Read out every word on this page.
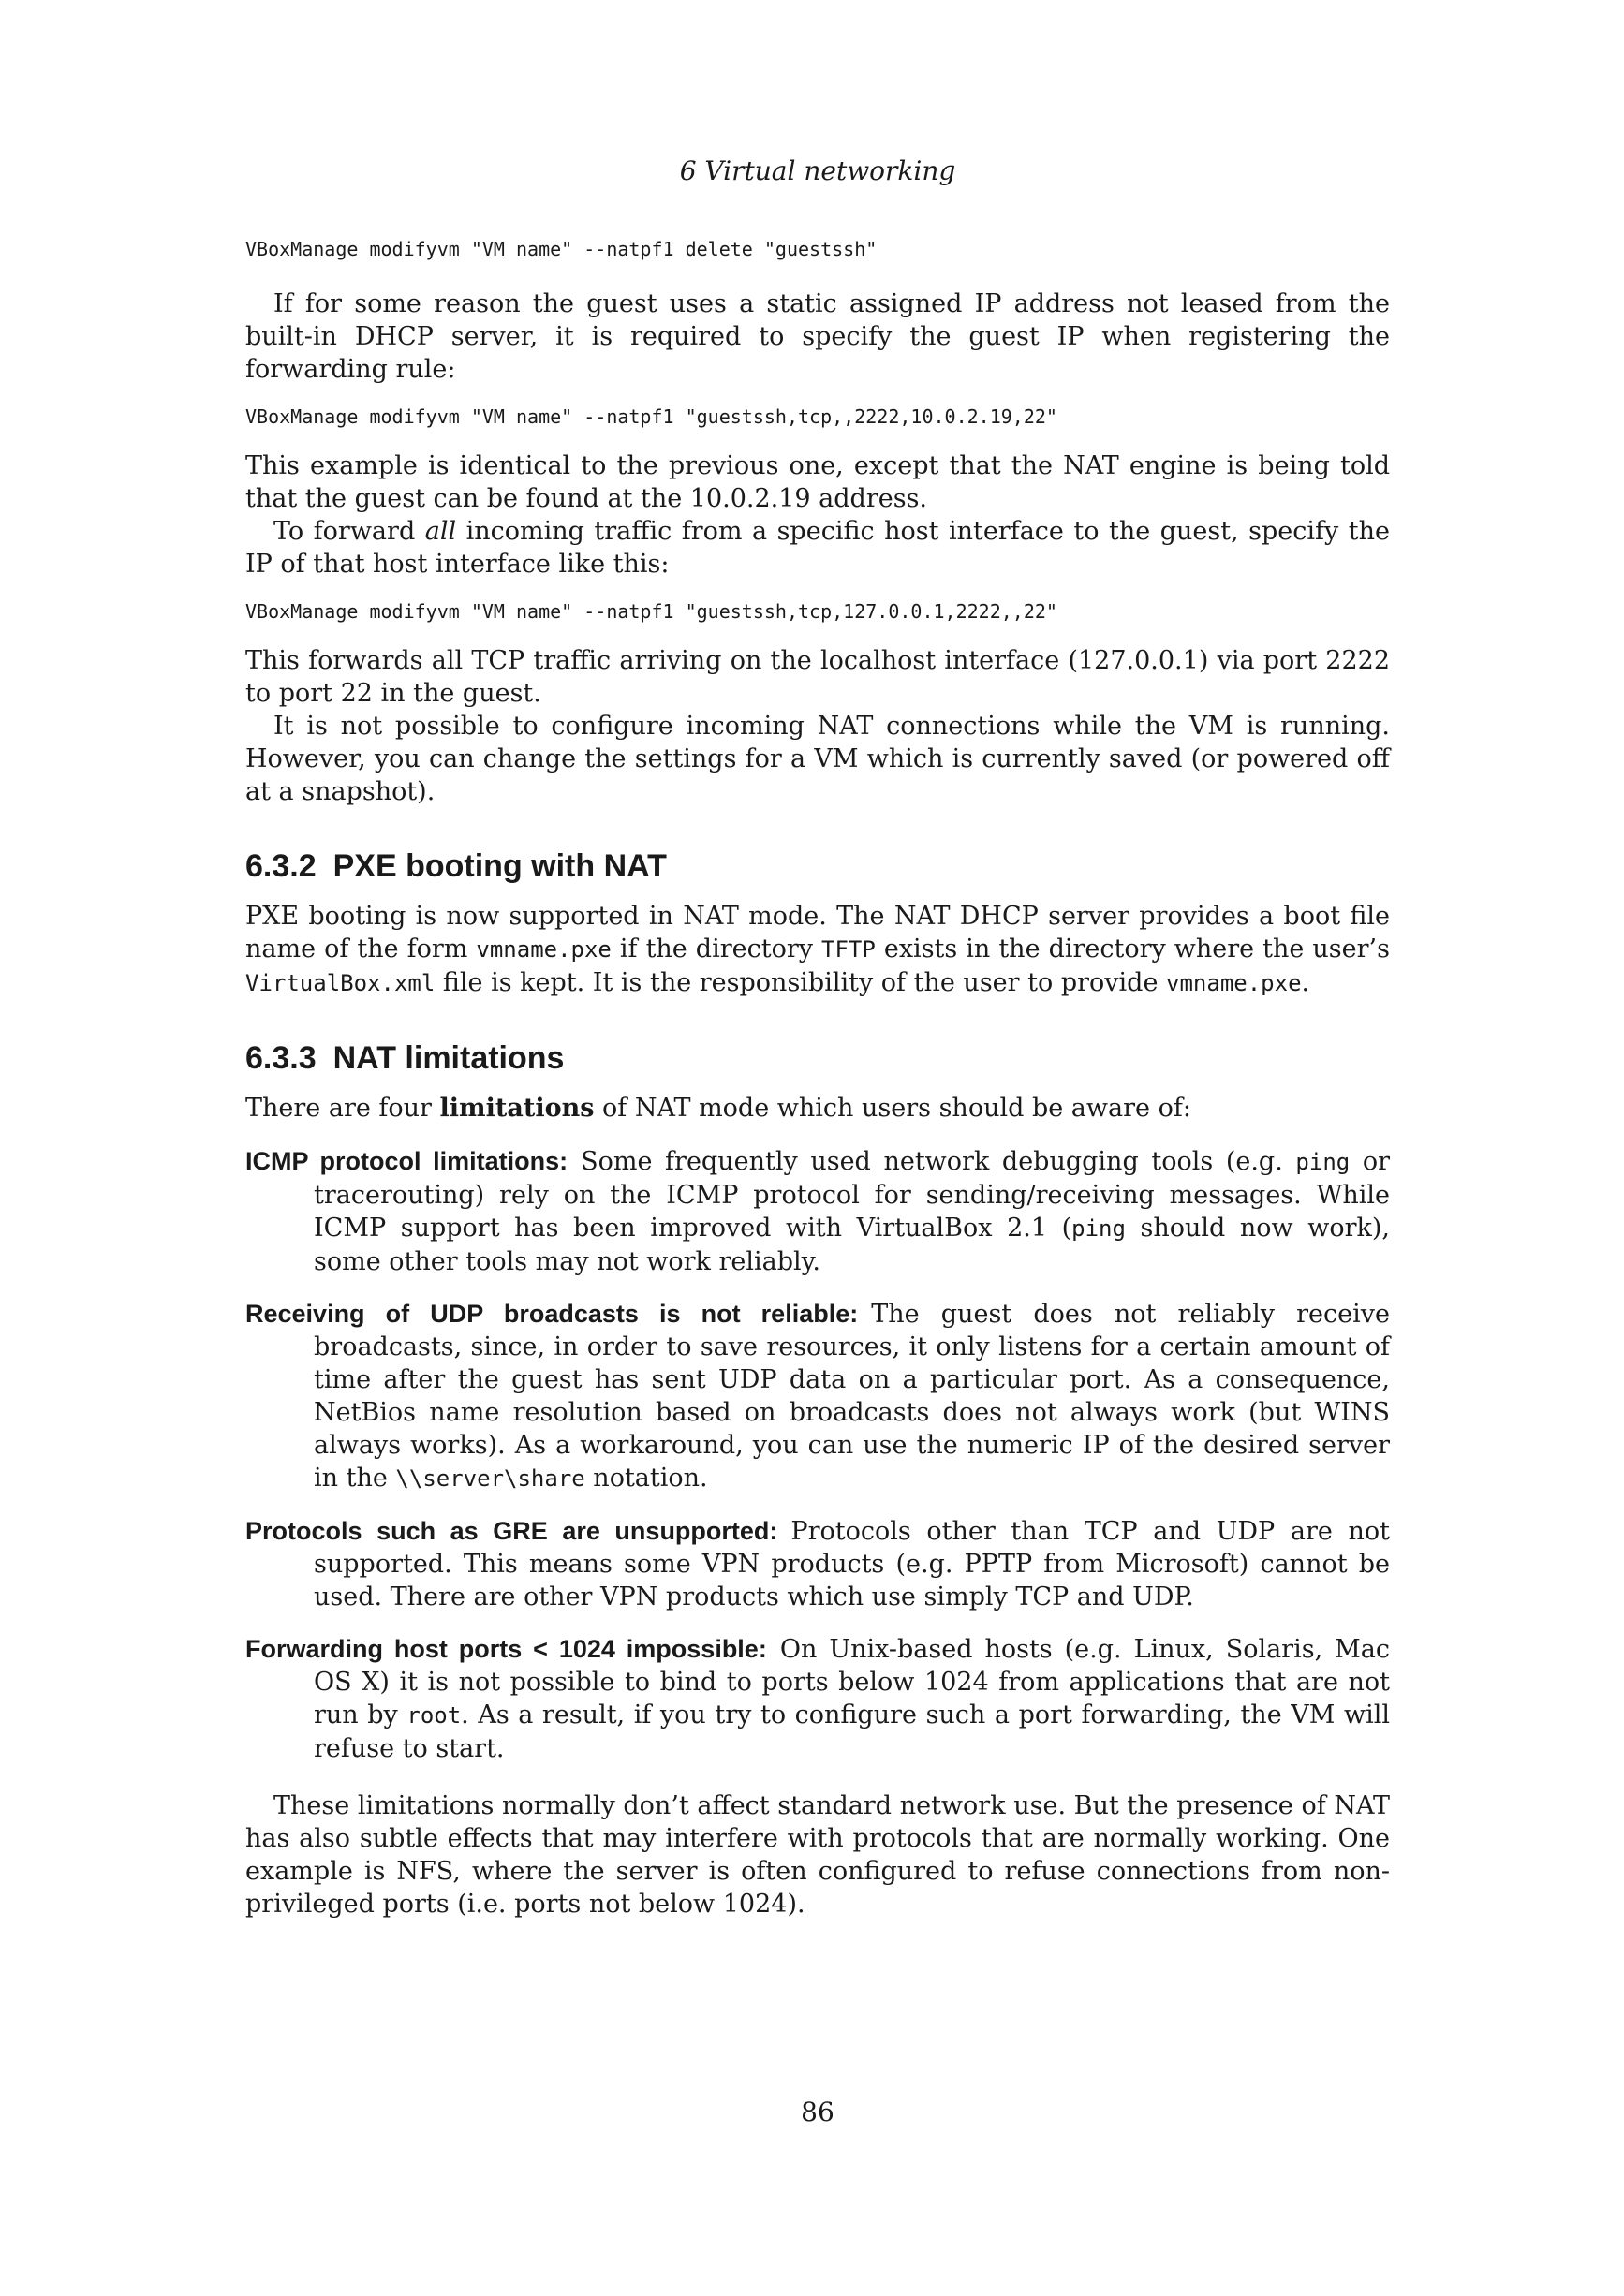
6 Virtual networking
VBoxManage modifyvm "VM name" --natpf1 delete "guestssh"

If for some reason the guest uses a static assigned IP address not leased from the built-in DHCP server, it is required to specify the guest IP when registering the forwarding rule:

VBoxManage modifyvm "VM name" --natpf1 "guestssh,tcp,,2222,10.0.2.19,22"

This example is identical to the previous one, except that the NAT engine is being told that the guest can be found at the 10.0.2.19 address.

To forward all incoming traffic from a specific host interface to the guest, specify the IP of that host interface like this:

VBoxManage modifyvm "VM name" --natpf1 "guestssh,tcp,127.0.0.1,2222,,22"

This forwards all TCP traffic arriving on the localhost interface (127.0.0.1) via port 2222 to port 22 in the guest.

It is not possible to configure incoming NAT connections while the VM is running. However, you can change the settings for a VM which is currently saved (or powered off at a snapshot).

6.3.2 PXE booting with NAT

PXE booting is now supported in NAT mode. The NAT DHCP server provides a boot file name of the form vmname.pxe if the directory TFTP exists in the directory where the user’s VirtualBox.xml file is kept. It is the responsibility of the user to provide vmname.pxe.

6.3.3 NAT limitations

There are four limitations of NAT mode which users should be aware of:

ICMP protocol limitations: Some frequently used network debugging tools (e.g. ping or tracerouting) rely on the ICMP protocol for sending/receiving messages. While ICMP support has been improved with VirtualBox 2.1 (ping should now work), some other tools may not work reliably.

Receiving of UDP broadcasts is not reliable: The guest does not reliably receive broadcasts, since, in order to save resources, it only listens for a certain amount of time after the guest has sent UDP data on a particular port. As a consequence, NetBios name resolution based on broadcasts does not always work (but WINS always works). As a workaround, you can use the numeric IP of the desired server in the \\server\share notation.

Protocols such as GRE are unsupported: Protocols other than TCP and UDP are not supported. This means some VPN products (e.g. PPTP from Microsoft) cannot be used. There are other VPN products which use simply TCP and UDP.

Forwarding host ports < 1024 impossible: On Unix-based hosts (e.g. Linux, Solaris, Mac OS X) it is not possible to bind to ports below 1024 from applications that are not run by root. As a result, if you try to configure such a port forwarding, the VM will refuse to start.

These limitations normally don’t affect standard network use. But the presence of NAT has also subtle effects that may interfere with protocols that are normally working. One example is NFS, where the server is often configured to refuse connections from non-privileged ports (i.e. ports not below 1024).

86
